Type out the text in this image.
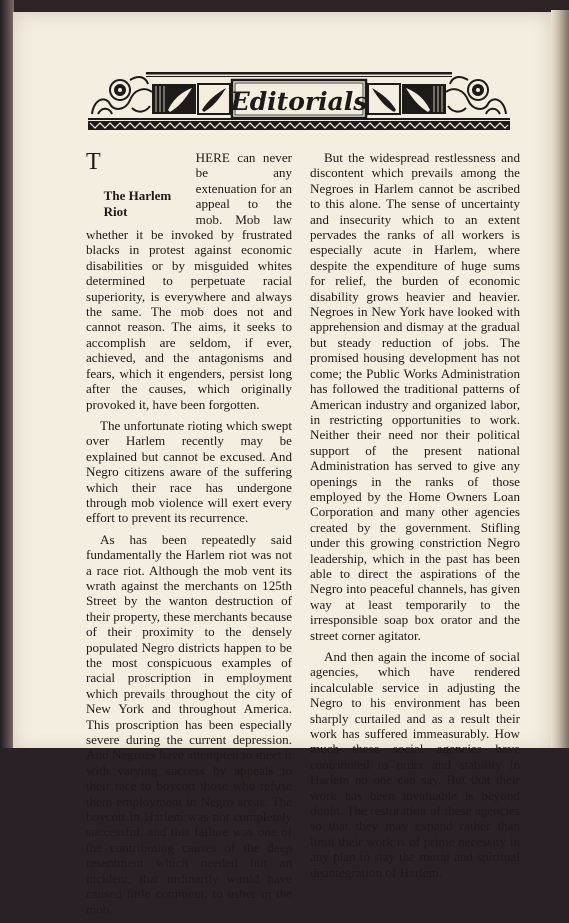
Editorials

T
The Harlem
Riot
HERE can never be any extenuation for an appeal to the mob. Mob law whether it be invoked by frustrated blacks in protest against economic disabilities or by misguided whites determined to perpetuate racial superiority, is everywhere and always the same. The mob does not and cannot reason. The aims, it seeks to accomplish are seldom, if ever, achieved, and the antagonisms and fears, which it engenders, persist long after the causes, which originally provoked it, have been forgotten.

The unfortunate rioting which swept over Harlem recently may be explained but cannot be excused. And Negro citizens aware of the suffering which their race has undergone through mob violence will exert every effort to prevent its recurrence.

As has been repeatedly said fundamentally the Harlem riot was not a race riot. Although the mob vent its wrath against the merchants on 125th Street by the wanton destruction of their property, these merchants because of their proximity to the densely populated Negro districts happen to be the most conspicuous examples of racial proscription in employment which prevails throughout the city of New York and throughout America. This proscription has been especially severe during the current depression. And Negroes have attempted to meet it with varying success by appeals to their race to boycott those who refuse them employment in Negro areas. The boycott in Harlem was not completely successful, and this failure was one of the contributing causes of the deep resentment which needed but an incident, that ordinarily would have caused little comment, to usher in the mob.

But the widespread restlessness and discontent which prevails among the Negroes in Harlem cannot be ascribed to this alone. The sense of uncertainty and insecurity which to an extent pervades the ranks of all workers is especially acute in Harlem, where despite the expenditure of huge sums for relief, the burden of economic disability grows heavier and heavier. Negroes in New York have looked with apprehension and dismay at the gradual but steady reduction of jobs. The promised housing development has not come; the Public Works Administration has followed the traditional patterns of American industry and organized labor, in restricting opportunities to work. Neither their need nor their political support of the present national Administration has served to give any openings in the ranks of those employed by the Home Owners Loan Corporation and many other agencies created by the government. Stifling under this growing constriction Negro leadership, which in the past has been able to direct the aspirations of the Negro into peaceful channels, has given way at least temporarily to the irresponsible soap box orator and the street corner agitator.

And then again the income of social agencies, which have rendered incalculable service in adjusting the Negro to his environment has been sharply curtailed and as a result their work has suffered immeasurably. How much these social agencies have contributed to order and stability in Harlem no one can say. But that their work has been invaluable is beyond doubt. The restoration of these agencies so that they may expand rather than limit their work is of prime necessity in any plan to stay the moral and spiritual disintegration of Harlem.
